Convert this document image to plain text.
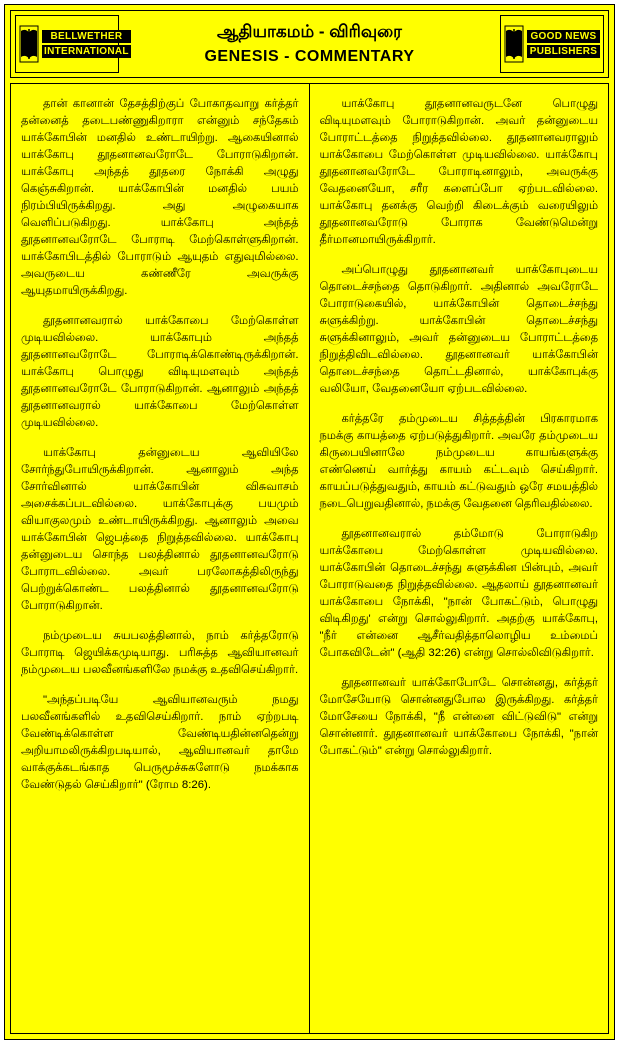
BELLWETHER
INTERNATIONAL
ஆதியாகமம் - விரிவுரை
GENESIS - COMMENTARY
GOOD NEWS
PUBLISHERS

தான் கானான் தேசத்திற்குப் போகாதவாறு கர்த்தர் தன்னைத் தடைபண்ணுகிறாரா என்னும் சந்தேகம் யாக்கோபின் மனதில் உண்டாயிற்று. ஆகையினால் யாக்கோபு தூதனானவரோடே போராடுகிறான். யாக்கோபு அந்தத் தூதரை நோக்கி அழுது கெஞ்சுகிறான். யாக்கோபின் மனதில் பயம் நிரம்பியிருக்கிறது. அது அழுகையாக வெளிப்படுகிறது. யாக்கோபு அந்தத் தூதனானவரோடே போராடி மேற்கொள்ளுகிறான். யாக்கோபிடத்தில் போராடும் ஆயுதம் எதுவுமில்லை. அவருடைய கண்ணீரே அவருக்கு ஆயுதமாயிருக்கிறது.

தூதனானவரால் யாக்கோபை மேற்கொள்ள முடியவில்லை. யாக்கோபும் அந்தத் தூதனானவரோடே போராடிக்கொண்டிருக்கிறான். யாக்கோபு பொழுது விடியுமளவும் அந்தத் தூதனானவரோடே போராடுகிறான். ஆனாலும் அந்தத் தூதனானவரால் யாக்கோபை மேற்கொள்ள முடியவில்லை.

யாக்கோபு தன்னுடைய ஆவியிலே சோர்ந்துபோயிருக்கிறான். ஆனாலும் அந்த சோர்வினால் யாக்கோபின் விசுவாசம் அசைக்கப்படவில்லை. யாக்கோபுக்கு பயமும் வியாகுலமும் உண்டாயிருக்கிறது. ஆனாலும் அவை யாக்கோபின் ஜெபத்தை நிறுத்தவில்லை. யாக்கோபு தன்னுடைய சொந்த பலத்தினால் தூதனானவரோடு போராடவில்லை. அவர் பரலோகத்திலிருந்து பெற்றுக்கொண்ட பலத்தினால் தூதனானவரோடு போராடுகிறான்.

நம்முடைய சுயபலத்தினால், நாம் கர்த்தரோடு போராடி ஜெயிக்கமுடியாது. பரிசுத்த ஆவியானவர் நம்முடைய பலவீனங்களிலே நமக்கு உதவிசெய்கிறார்.

"அந்தப்படியே ஆவியானவரும் நமது பலவீனங்களில் உதவிசெய்கிறார். நாம் ஏற்றபடி வேண்டிக்கொள்ள வேண்டியதின்னதென்று அறியாமலிருக்கிறபடியால், ஆவியானவர் தாமே வாக்குக்கடங்காத பெருமூச்சுகளோடு நமக்காக வேண்டுதல் செய்கிறார்" (ரோம 8:26).

யாக்கோபு தூதனானவருடனே பொழுது விடியுமளவும் போராடுகிறான். அவர் தன்னுடைய போராட்டத்தை நிறுத்தவில்லை. தூதனானவராலும் யாக்கோபை மேற்கொள்ள முடியவில்லை. யாக்கோபு தூதனானவரோடே போராடினாலும், அவருக்கு வேதனையோ, சரீர களைப்போ ஏற்படவில்லை. யாக்கோபு தனக்கு வெற்றி கிடைக்கும் வரையிலும் தூதனானவரோடு போராக வேண்டுமென்று தீர்மானமாயிருக்கிறார்.

அப்பொழுது தூதனானவர் யாக்கோபுடைய தொடைச்சந்தை தொடுகிறார். அதினால் அவரோடே போராடுகையில், யாக்கோபின் தொடைச்சந்து சுளுக்கிற்று. யாக்கோபின் தொடைச்சந்து சுளுக்கினாலும், அவர் தன்னுடைய போராட்டத்தை நிறுத்திவிடவில்லை. தூதனானவர் யாக்கோபின் தொடைச்சந்தை தொட்டதினால், யாக்கோபுக்கு வலியோ, வேதனையோ ஏற்படவில்லை.

கர்த்தரே தம்முடைய சித்தத்தின் பிரகாரமாக நமக்கு காயத்தை ஏற்படுத்துகிறார். அவரே தம்முடைய கிருபையினாலே நம்முடைய காயங்களுக்கு எண்ணெய் வார்த்து காயம் கட்டவும் செய்கிறார். காயப்படுத்துவதும், காயம் கட்டுவதும் ஒரே சமயத்தில் நடைபெறுவதினால், நமக்கு வேதனை தெரிவதில்லை.

தூதனானவரால் தம்மோடு போராடுகிற யாக்கோபை மேற்கொள்ள முடியவில்லை. யாக்கோபின் தொடைச்சந்து சுளுக்கின பின்பும், அவர் போராடுவதை நிறுத்தவில்லை. ஆதலாய் தூதனானவர் யாக்கோபை நோக்கி, "நான் போகட்டும், பொழுது விடிகிறது' என்று சொல்லுகிறார். அதற்கு யாக்கோபு, "நீர் என்னை ஆசீர்வதித்தாலொழிய உம்மைப் போகவிடேன்" (ஆதி 32:26) என்று சொல்லிவிடுகிறார்.

தூதனானவர் யாக்கோபோடே சொன்னது, கர்த்தர் மோசேயோடு சொன்னதுபோல இருக்கிறது. கர்த்தர் மோசேயை நோக்கி, "நீ என்னை விட்டுவிடு" என்று சொன்னார். தூதனானவர் யாக்கோபை நோக்கி, "நான் போகட்டும்" என்று சொல்லுகிறார்.
